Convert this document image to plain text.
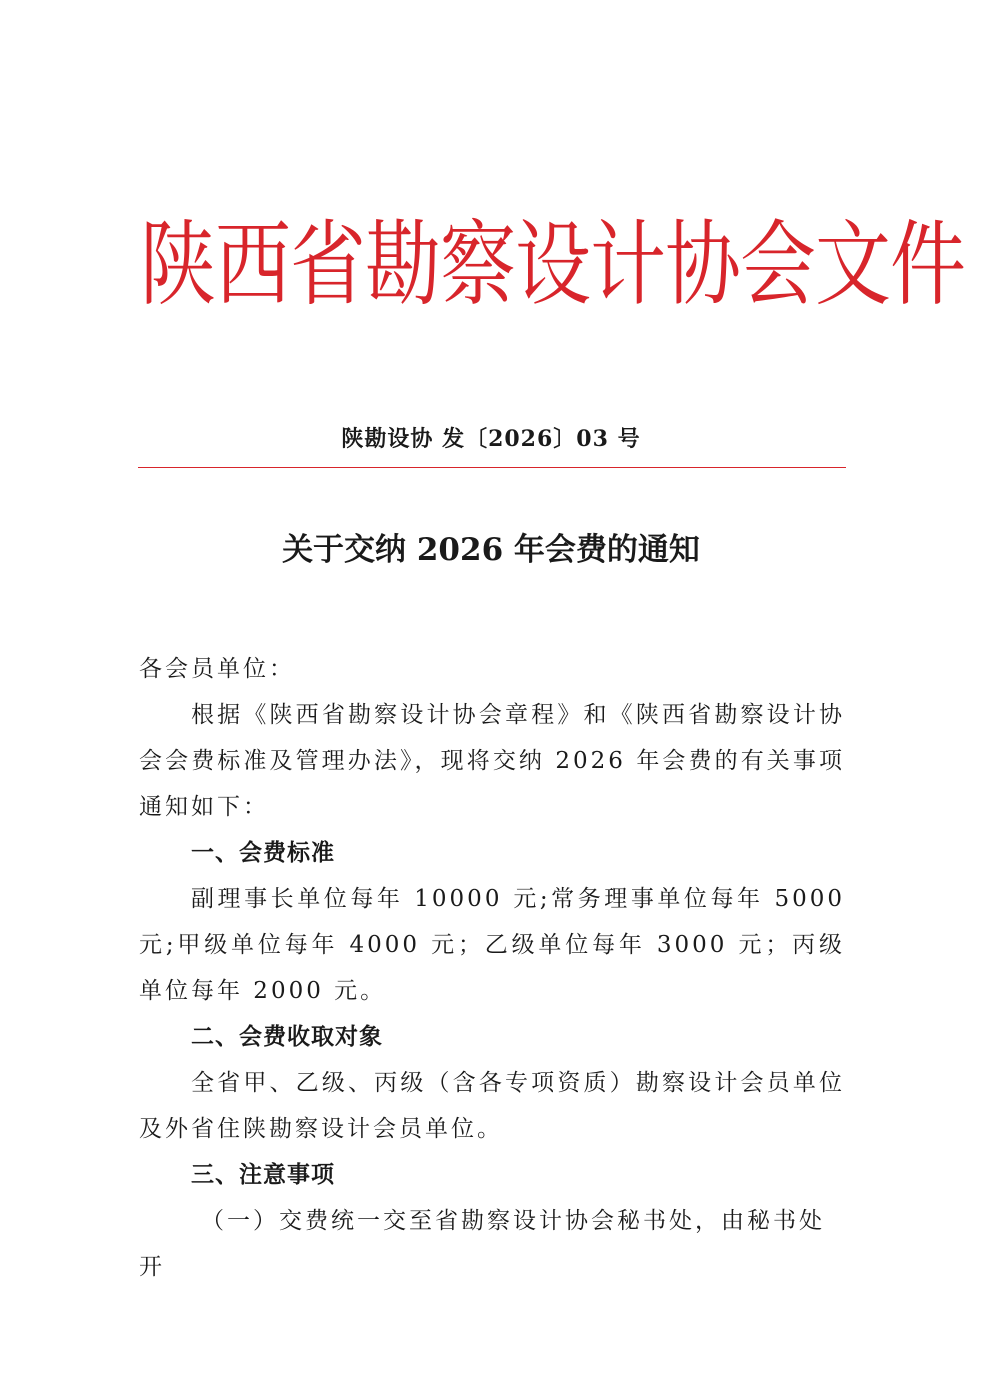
陕西省勘察设计协会文件
陕勘设协 发〔2026〕03 号
关于交纳 2026 年会费的通知

各会员单位：

根据《陕西省勘察设计协会章程》和《陕西省勘察设计协会会费标准及管理办法》，现将交纳 2026 年会费的有关事项通知如下：

一、会费标准

副理事长单位每年 10000 元;常务理事单位每年 5000 元;甲级单位每年 4000 元；乙级单位每年 3000 元；丙级单位每年 2000 元。

二、会费收取对象

全省甲、乙级、丙级（含各专项资质）勘察设计会员单位及外省住陕勘察设计会员单位。

三、注意事项

（一）交费统一交至省勘察设计协会秘书处，由秘书处开
